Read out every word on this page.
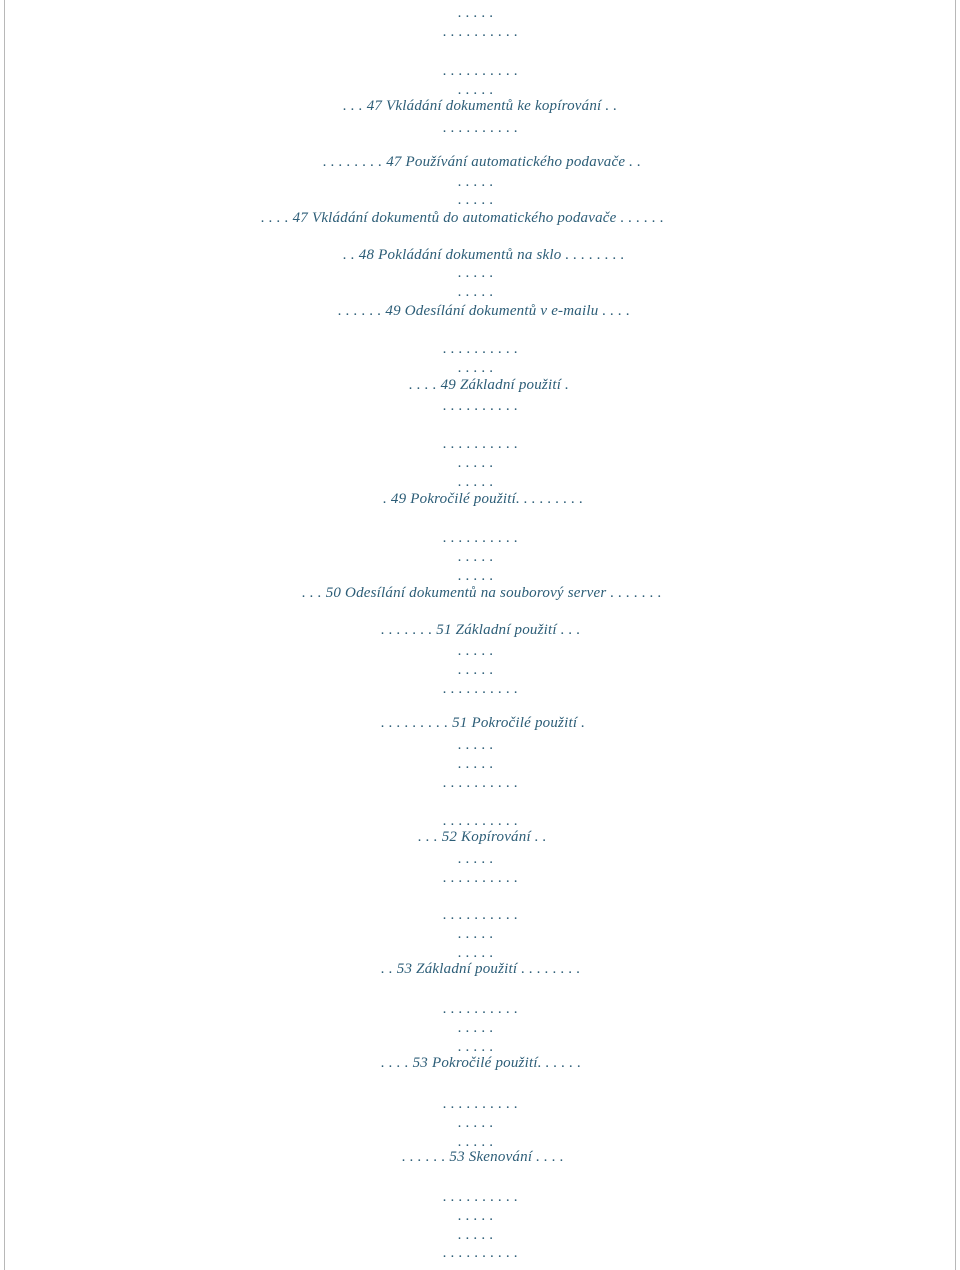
. . . . .
. . . . . . . . . .
. . . . . . . . . .
. . . . .
. . . 47 Vkládání dokumentů ke kopírování . .
. . . . . . . . . .
. . . . . . . . 47 Používání automatického podavače . .
. . . . .
. . . . .
. . . . 47 Vkládání dokumentů do automatického podavače . . . . . .
. . 48 Pokládání dokumentů na sklo . . . . . . . .
. . . . .
. . . . .
. . . . . . 49 Odesílání dokumentů v e-mailu . . . .
. . . . . . . . . .
. . . . .
. . . . 49 Základní použití .
. . . . . . . . . .
. . . . . . . . . .
. . . . .
. . . . .
. 49 Pokročilé použití. . . . . . . . .
. . . . . . . . . .
. . . . .
. . . . .
. . . 50 Odesílání dokumentů na souborový server . . . . . . .
. . . . . . . 51 Základní použití . . .
. . . . .
. . . . .
. . . . . . . . . .
. . . . . . . . . 51 Pokročilé použití .
. . . . .
. . . . .
. . . . . . . . . .
. . . . . . . . . .
. . . 52 Kopírování . .
. . . . .
. . . . . . . . . .
. . . . . . . . . .
. . . . .
. . . . .
. . 53 Základní použití . . . . . . . .
. . . . . . . . . .
. . . . .
. . . . .
. . . . 53 Pokročilé použití. . . . . .
. . . . . . . . . .
. . . . .
. . . . .
. . . . . . 53 Skenování . . . .
. . . . . . . . . .
. . . . .
. . . . .
. . . . . . . . . .
